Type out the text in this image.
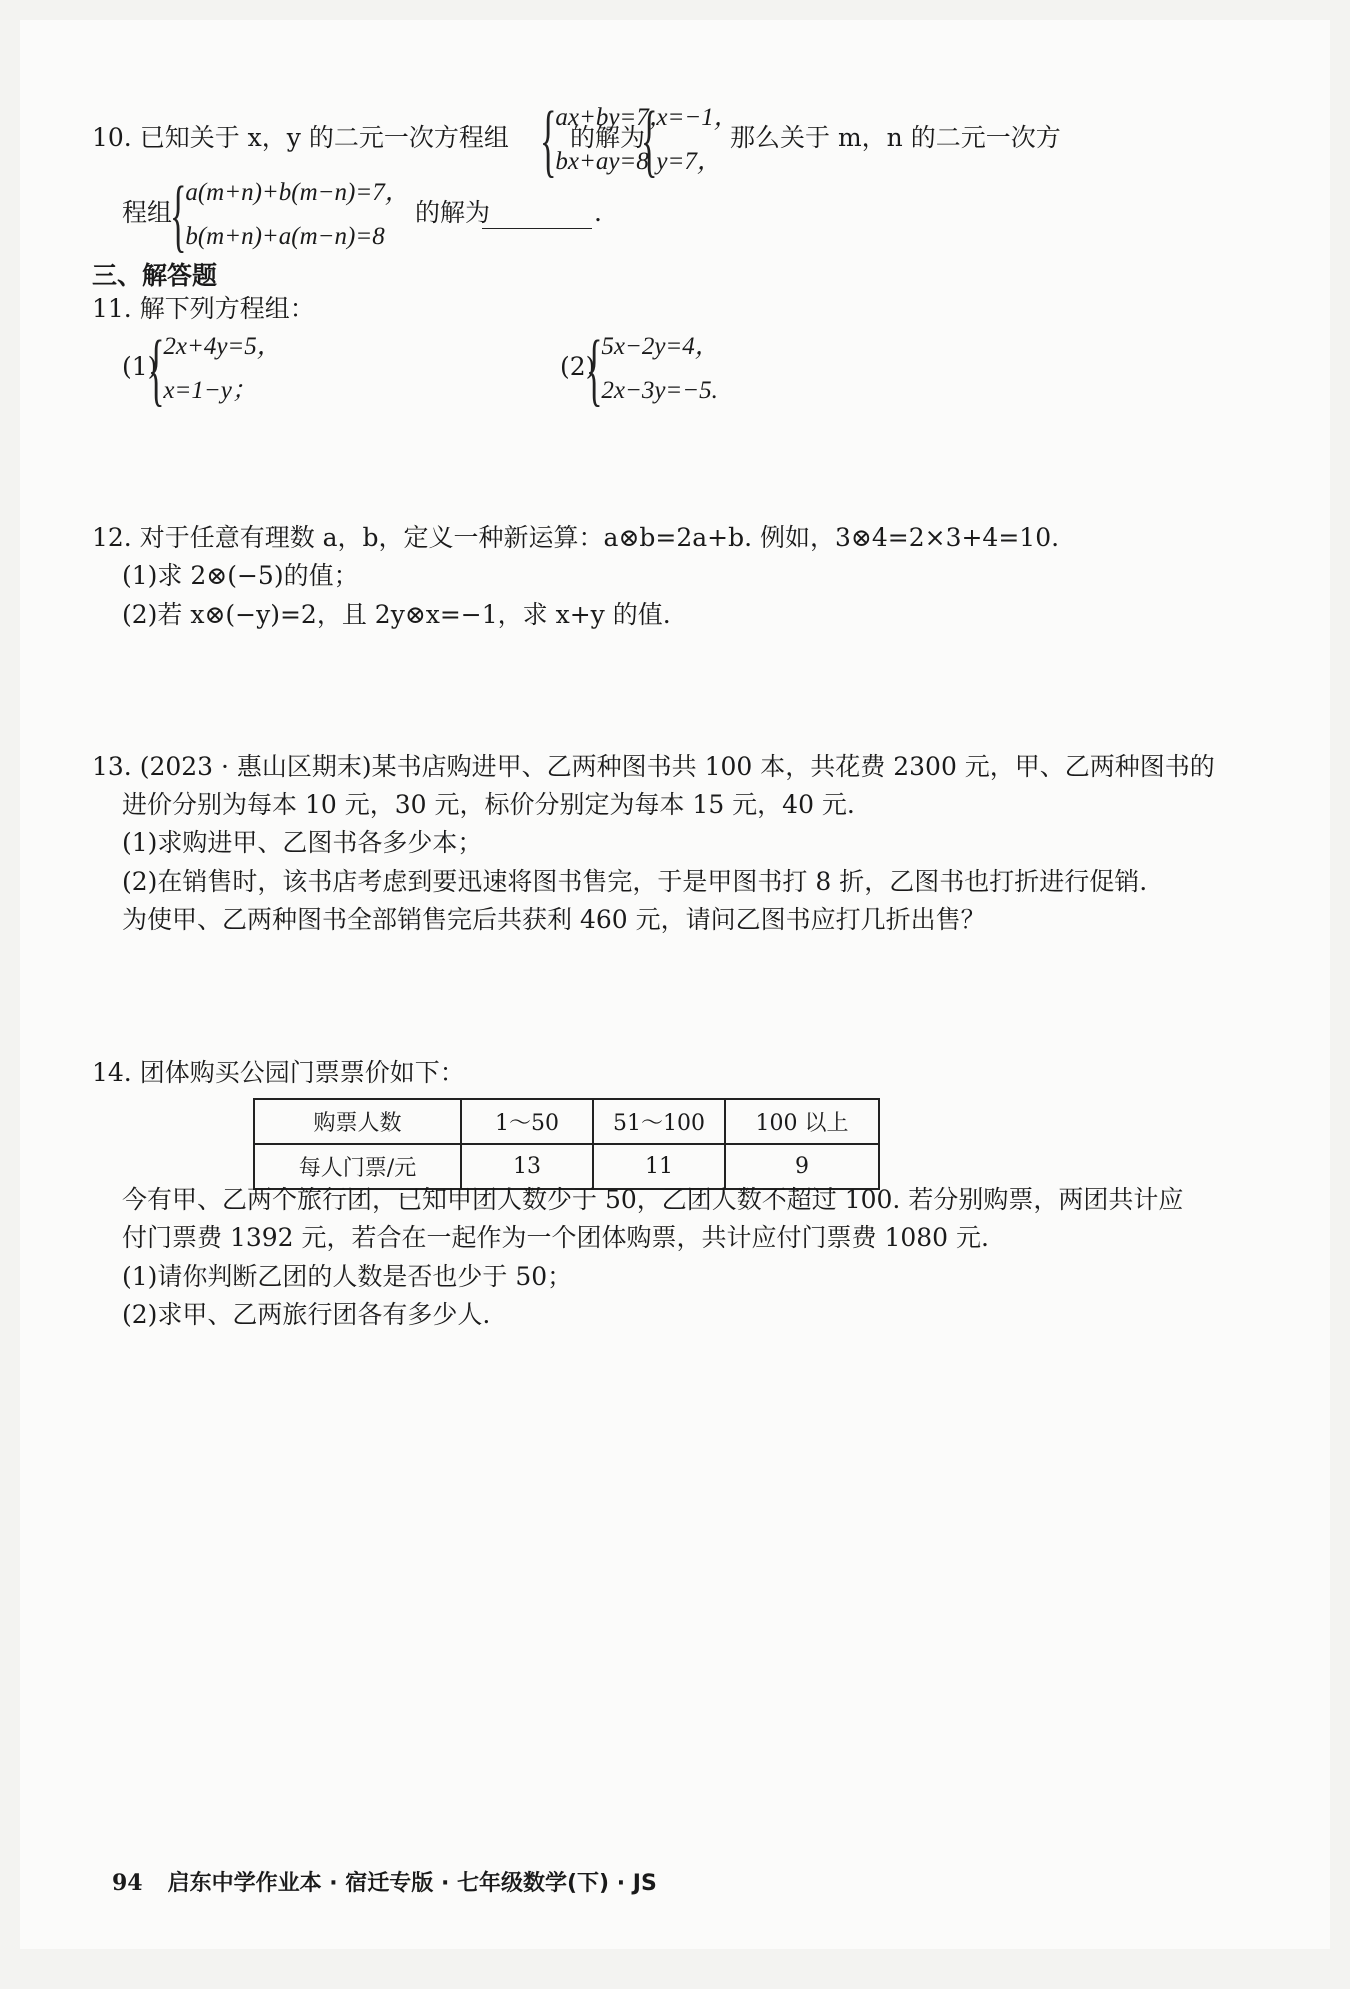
10. 已知关于 x，y 的二元一次方程组 {
ax+by=7，
bx+ay=8
的解为
{
x=−1，
y=7，
那么关于 m，n 的二元一次方
程组
{
a(m+n)+b(m−n)=7，
b(m+n)+a(m−n)=8
的解为	.
三、解答题
11. 解下列方程组：
(1)
{
2x+4y=5，
x=1−y；
(2)
{
5x−2y=4，
2x−3y=−5.
12. 对于任意有理数 a，b，定义一种新运算：a⊗b=2a+b. 例如，3⊗4=2×3+4=10.
(1)求 2⊗(−5)的值；
(2)若 x⊗(−y)=2，且 2y⊗x=−1，求 x+y 的值.
13. (2023 · 惠山区期末)某书店购进甲、乙两种图书共 100 本，共花费 2300 元，甲、乙两种图书的
进价分别为每本 10 元，30 元，标价分别定为每本 15 元，40 元.
(1)求购进甲、乙图书各多少本；
(2)在销售时，该书店考虑到要迅速将图书售完，于是甲图书打 8 折，乙图书也打折进行促销.
为使甲、乙两种图书全部销售完后共获利 460 元，请问乙图书应打几折出售？
14. 团体购买公园门票票价如下：
购票人数	1～50	51～100	100 以上
每人门票/元	13	11	9
今有甲、乙两个旅行团，已知甲团人数少于 50，乙团人数不超过 100. 若分别购票，两团共计应
付门票费 1392 元，若合在一起作为一个团体购票，共计应付门票费 1080 元.
(1)请你判断乙团的人数是否也少于 50；
(2)求甲、乙两旅行团各有多少人.
94 启东中学作业本 · 宿迁专版 · 七年级数学(下) · JS
